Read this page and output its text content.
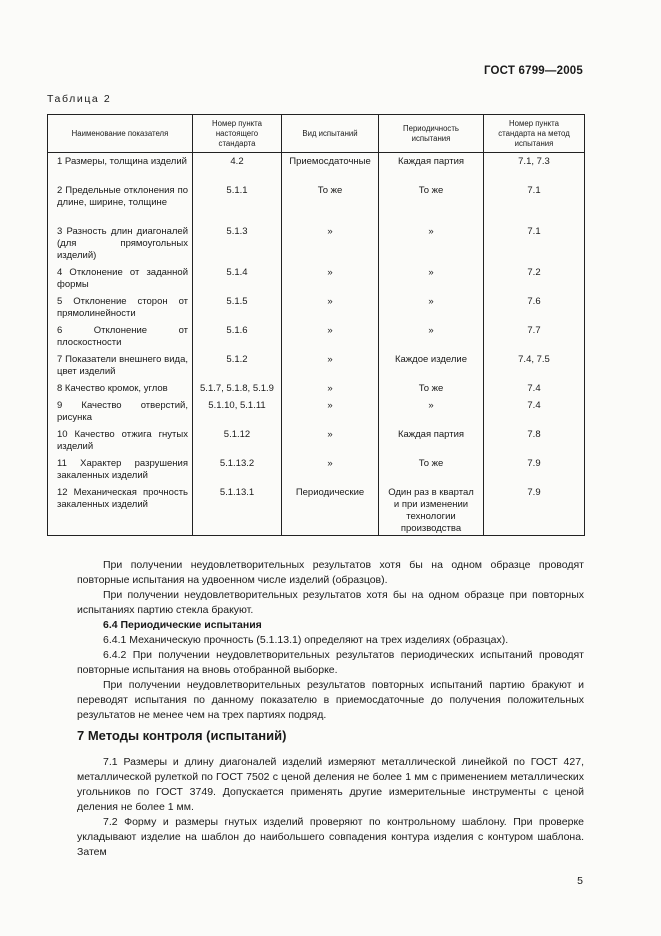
ГОСТ 6799—2005
Таблица 2
Наименование показателя	Номер пункта настоящего стандарта	Вид испытаний	Периодичность испытания	Номер пункта стандарта на метод испытания
1 Размеры, толщина изделий	4.2	Приемосдаточные	Каждая партия	7.1, 7.3
2 Предельные отклонения по длине, ширине, толщине	5.1.1	То же	То же	7.1
3 Разность длин диагоналей (для прямоугольных изделий)	5.1.3	»	»	7.1
4 Отклонение от заданной формы	5.1.4	»	»	7.2
5 Отклонение сторон от прямолинейности	5.1.5	»	»	7.6
6 Отклонение от плоскостности	5.1.6	»	»	7.7
7 Показатели внешнего вида, цвет изделий	5.1.2	»	Каждое изделие	7.4, 7.5
8 Качество кромок, углов	5.1.7, 5.1.8, 5.1.9	»	То же	7.4
9 Качество отверстий, рисунка	5.1.10, 5.1.11	»	»	7.4
10 Качество отжига гнутых изделий	5.1.12	»	Каждая партия	7.8
11 Характер разрушения закаленных изделий	5.1.13.2	»	То же	7.9
12 Механическая прочность закаленных изделий	5.1.13.1	Периодические	Один раз в квартал и при изменении технологии производства	7.9

При получении неудовлетворительных результатов хотя бы на одном образце проводят повторные испытания на удвоенном числе изделий (образцов).

При получении неудовлетворительных результатов хотя бы на одном образце при повторных испытаниях партию стекла бракуют.

6.4 Периодические испытания

6.4.1 Механическую прочность (5.1.13.1) определяют на трех изделиях (образцах).

6.4.2 При получении неудовлетворительных результатов периодических испытаний проводят повторные испытания на вновь отобранной выборке.

При получении неудовлетворительных результатов повторных испытаний партию бракуют и переводят испытания по данному показателю в приемосдаточные до получения положительных результатов не менее чем на трех партиях подряд.

7 Методы контроля (испытаний)

7.1 Размеры и длину диагоналей изделий измеряют металлической линейкой по ГОСТ 427, металлической рулеткой по ГОСТ 7502 с ценой деления не более 1 мм с применением металлических угольников по ГОСТ 3749. Допускается применять другие измерительные инструменты с ценой деления не более 1 мм.

7.2 Форму и размеры гнутых изделий проверяют по контрольному шаблону. При проверке укладывают изделие на шаблон до наибольшего совпадения контура изделия с контуром шаблона. Затем

5
